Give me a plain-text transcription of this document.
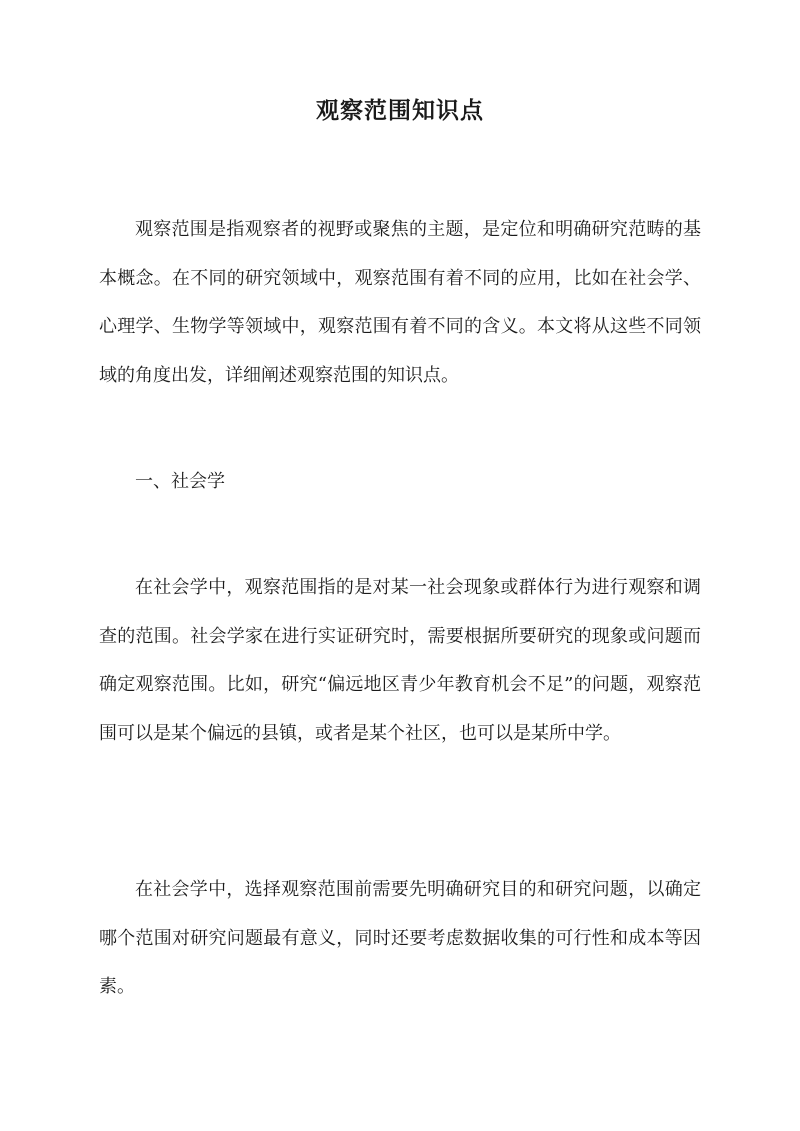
观察范围知识点

观察范围是指观察者的视野或聚焦的主题，是定位和明确研究范畴的基本概念。在不同的研究领域中，观察范围有着不同的应用，比如在社会学、心理学、生物学等领域中，观察范围有着不同的含义。本文将从这些不同领域的角度出发，详细阐述观察范围的知识点。

一、社会学

在社会学中，观察范围指的是对某一社会现象或群体行为进行观察和调查的范围。社会学家在进行实证研究时，需要根据所要研究的现象或问题而确定观察范围。比如，研究“偏远地区青少年教育机会不足”的问题，观察范围可以是某个偏远的县镇，或者是某个社区，也可以是某所中学。

在社会学中，选择观察范围前需要先明确研究目的和研究问题，以确定哪个范围对研究问题最有意义，同时还要考虑数据收集的可行性和成本等因素。
